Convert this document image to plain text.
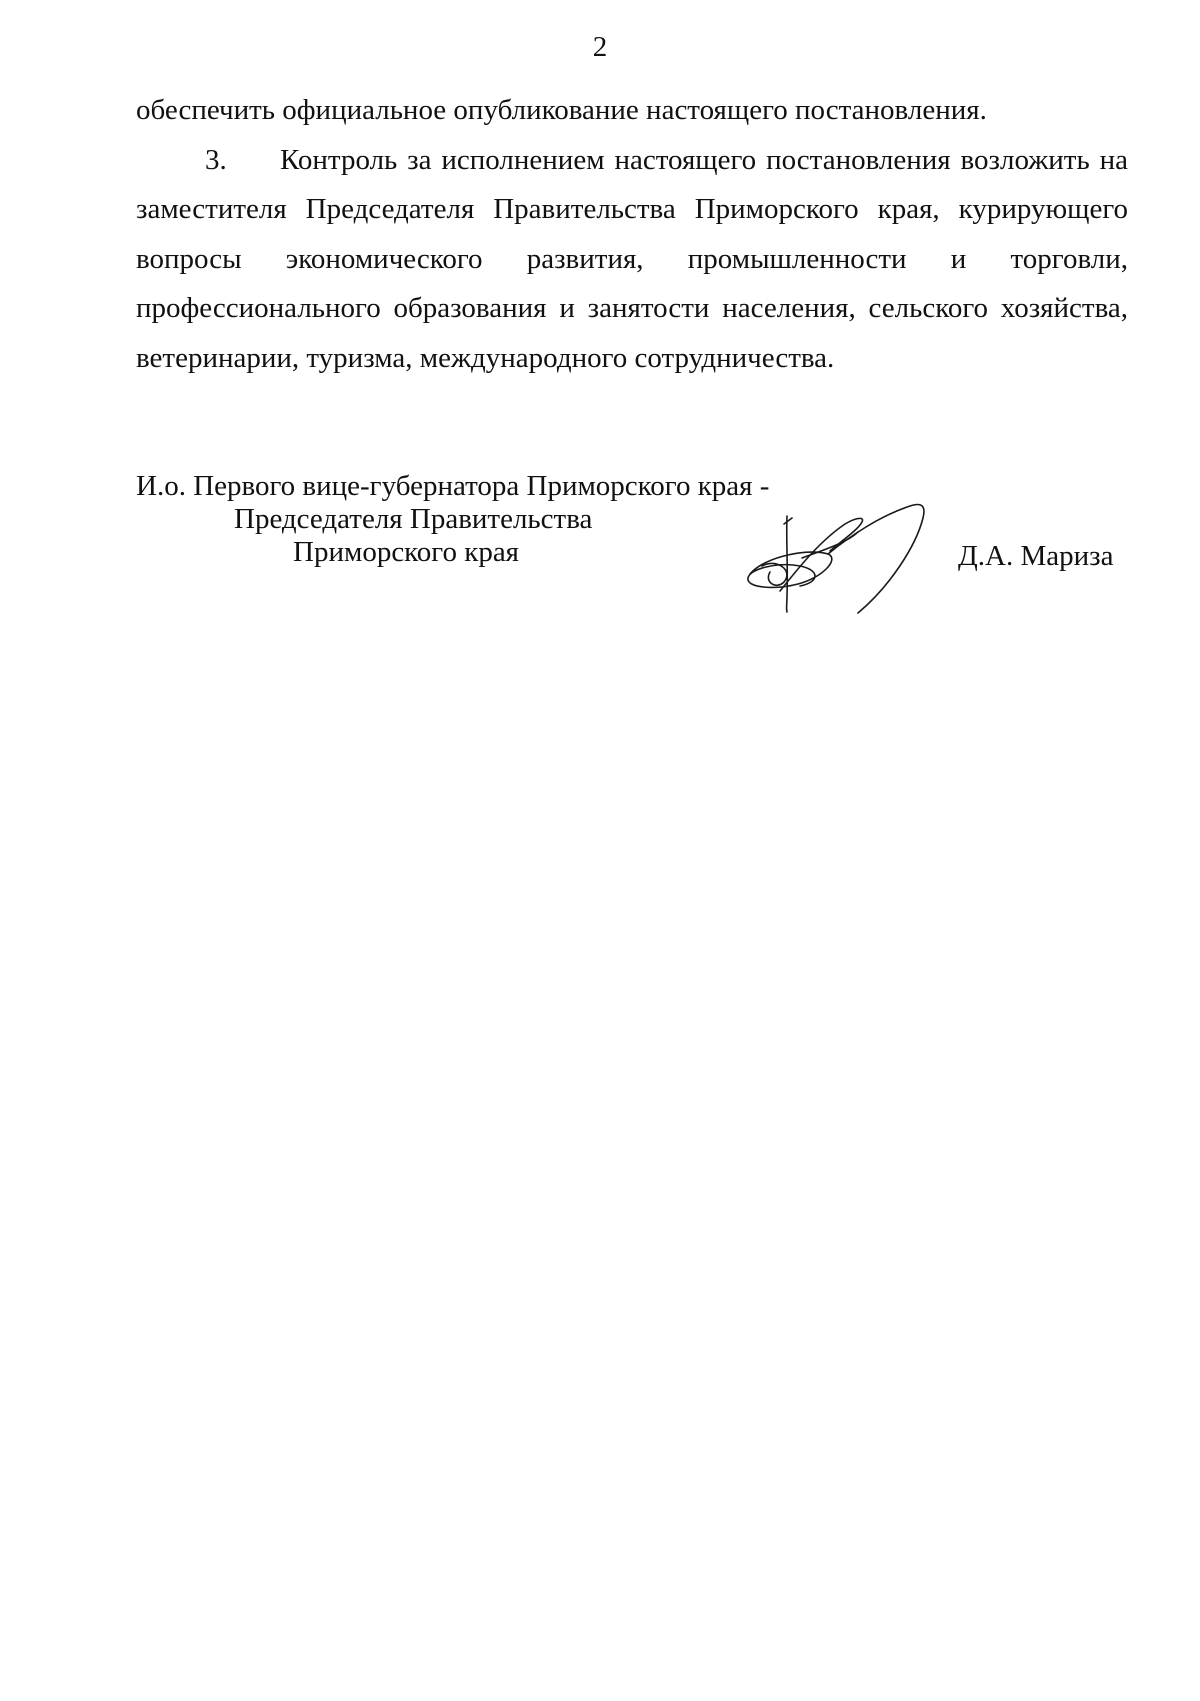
2
обеспечить официальное опубликование настоящего постановления.
3.	Контроль за исполнением настоящего постановления возложить на
заместителя Председателя Правительства Приморского края, курирующего
вопросы экономического развития, промышленности и торговли,
профессионального образования и занятости населения, сельского хозяйства,
ветеринарии, туризма, международного сотрудничества.
И.о. Первого вице-губернатора Приморского края -
Председателя Правительства
Приморского края	Д.А. Мариза
